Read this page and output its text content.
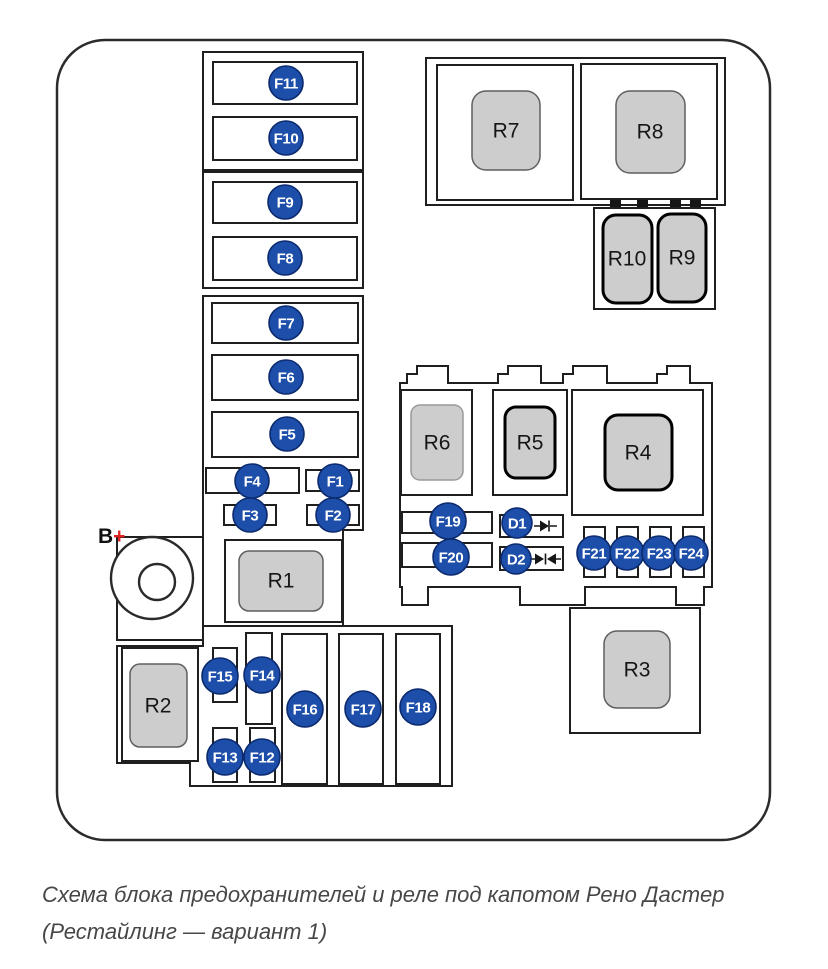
R1
B+
R7	R8
R10 R9
R6	R5	R4
R3
R2
F11
F10
F9
F8
F7
F6
F5
F4	F1
F3	F2	F19
F20
D1
D2	F21 F22 F23 F24
F15 F14
F13 F12
F16 F17 F18
Схема блока предохранителей и реле под капотом Рено Дастер
(Рестайлинг — вариант 1)
